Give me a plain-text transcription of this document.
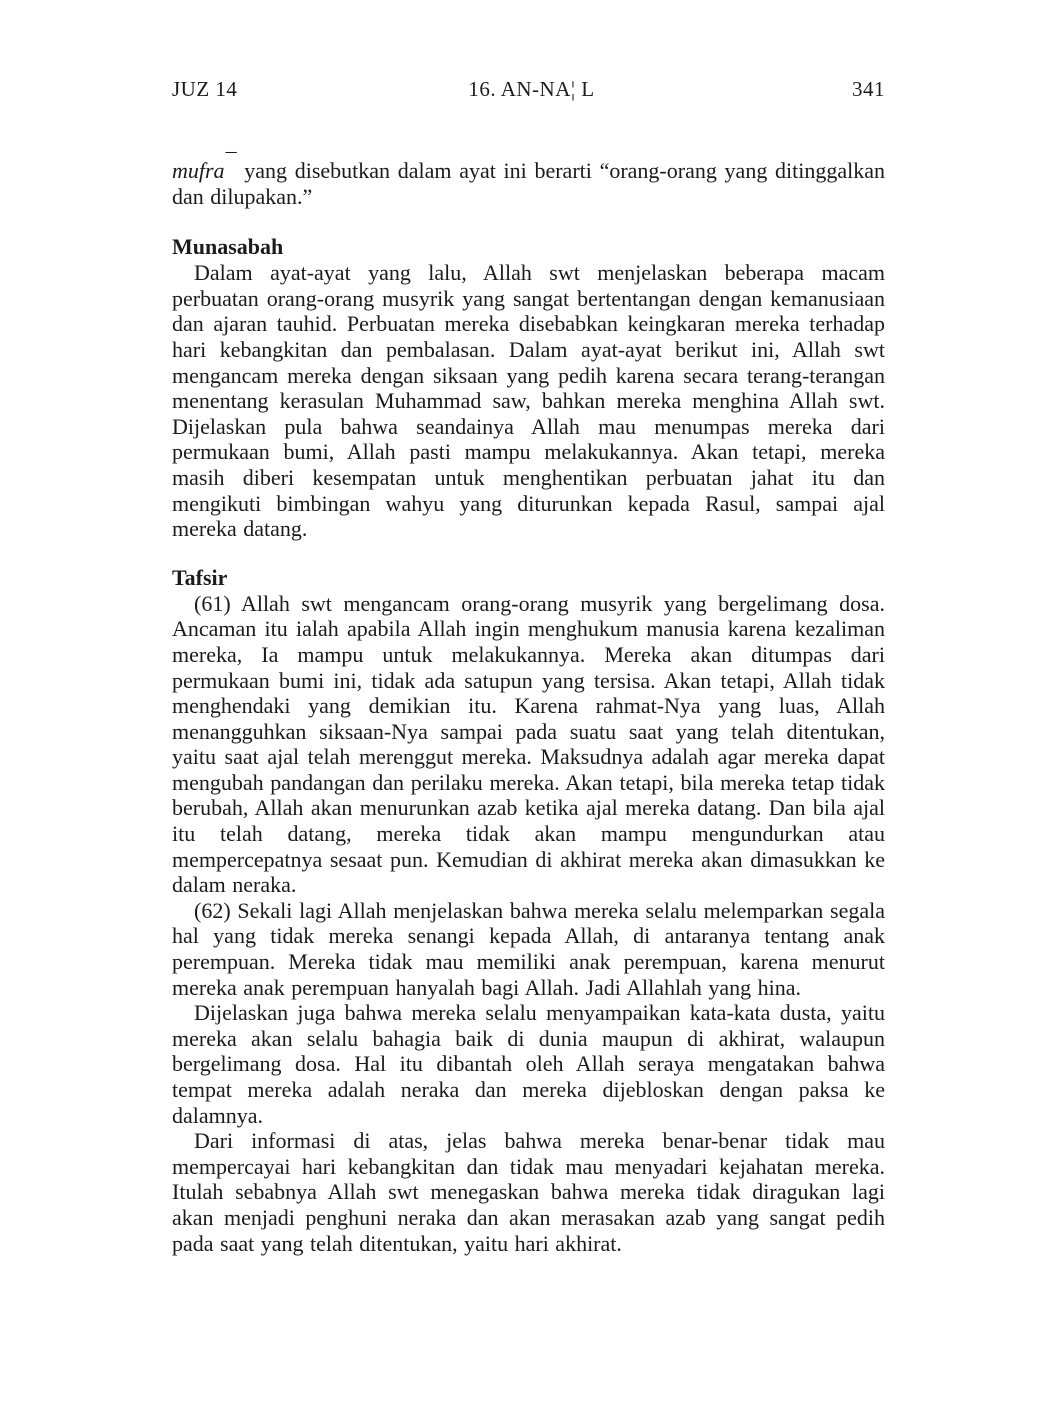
JUZ 14	16. AN-NA¦ L	341

mufra¯ yang disebutkan dalam ayat ini berarti “orang-orang yang ditinggalkan dan dilupakan.”

Munasabah

Dalam ayat-ayat yang lalu, Allah swt menjelaskan beberapa macam perbuatan orang-orang musyrik yang sangat bertentangan dengan kemanusiaan dan ajaran tauhid. Perbuatan mereka disebabkan keingkaran mereka terhadap hari kebangkitan dan pembalasan. Dalam ayat-ayat berikut ini, Allah swt mengancam mereka dengan siksaan yang pedih karena secara terang-terangan menentang kerasulan Muhammad saw, bahkan mereka menghina Allah swt. Dijelaskan pula bahwa seandainya Allah mau menumpas mereka dari permukaan bumi, Allah pasti mampu melakukannya. Akan tetapi, mereka masih diberi kesempatan untuk menghentikan perbuatan jahat itu dan mengikuti bimbingan wahyu yang diturunkan kepada Rasul, sampai ajal mereka datang.

Tafsir

(61) Allah swt mengancam orang-orang musyrik yang bergelimang dosa. Ancaman itu ialah apabila Allah ingin menghukum manusia karena kezaliman mereka, Ia mampu untuk melakukannya. Mereka akan ditumpas dari permukaan bumi ini, tidak ada satupun yang tersisa. Akan tetapi, Allah tidak menghendaki yang demikian itu. Karena rahmat-Nya yang luas, Allah menangguhkan siksaan-Nya sampai pada suatu saat yang telah ditentukan, yaitu saat ajal telah merenggut mereka. Maksudnya adalah agar mereka dapat mengubah pandangan dan perilaku mereka. Akan tetapi, bila mereka tetap tidak berubah, Allah akan menurunkan azab ketika ajal mereka datang. Dan bila ajal itu telah datang, mereka tidak akan mampu mengundurkan atau mempercepatnya sesaat pun. Kemudian di akhirat mereka akan dimasukkan ke dalam neraka.

(62) Sekali lagi Allah menjelaskan bahwa mereka selalu melemparkan segala hal yang tidak mereka senangi kepada Allah, di antaranya tentang anak perempuan. Mereka tidak mau memiliki anak perempuan, karena menurut mereka anak perempuan hanyalah bagi Allah. Jadi Allahlah yang hina.

Dijelaskan juga bahwa mereka selalu menyampaikan kata-kata dusta, yaitu mereka akan selalu bahagia baik di dunia maupun di akhirat, walaupun bergelimang dosa. Hal itu dibantah oleh Allah seraya mengatakan bahwa tempat mereka adalah neraka dan mereka dijebloskan dengan paksa ke dalamnya.

Dari informasi di atas, jelas bahwa mereka benar-benar tidak mau mempercayai hari kebangkitan dan tidak mau menyadari kejahatan mereka. Itulah sebabnya Allah swt menegaskan bahwa mereka tidak diragukan lagi akan menjadi penghuni neraka dan akan merasakan azab yang sangat pedih pada saat yang telah ditentukan, yaitu hari akhirat.
